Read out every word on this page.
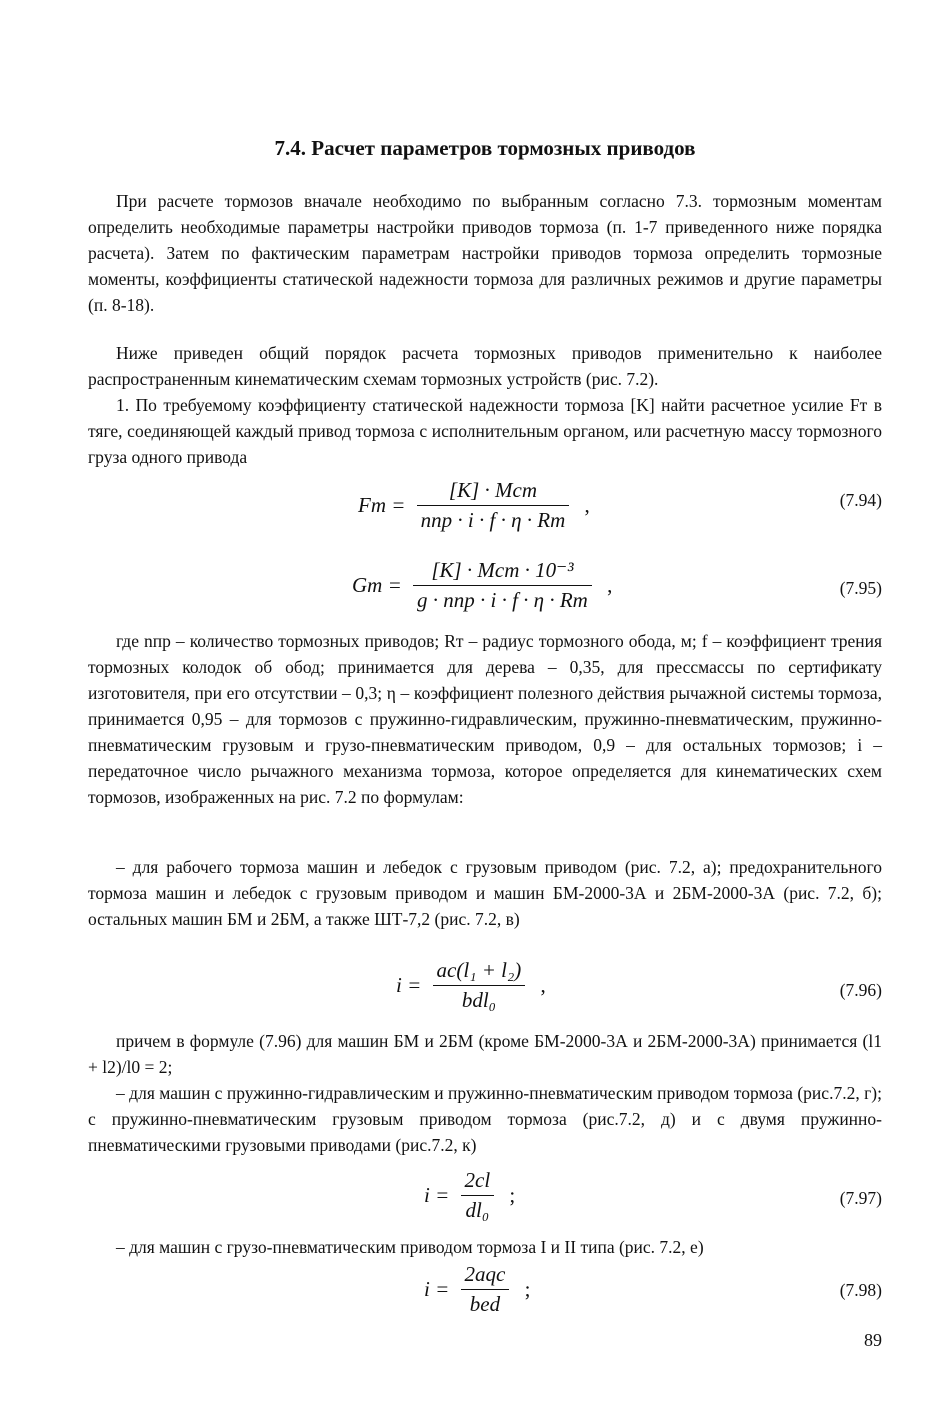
7.4. Расчет параметров тормозных приводов
При расчете тормозов вначале необходимо по выбранным согласно 7.3. тормозным моментам определить необходимые параметры настройки приводов тормоза (п. 1-7 приведенного ниже порядка расчета). Затем по фактическим параметрам настройки приводов тормоза определить тормозные моменты, коэффициенты статической надежности тормоза для различных режимов и другие параметры (п. 8-18).
Ниже приведен общий порядок расчета тормозных приводов применительно к наиболее распространенным кинематическим схемам тормозных устройств (рис. 7.2).
1. По требуемому коэффициенту статической надежности тормоза [K] найти расчетное усилие Fт в тяге, соединяющей каждый привод тормоза с исполнительным органом, или расчетную массу тормозного груза одного привода
Fт = $\frac{\text{[K] · Mст}}{\text{nпр · i · f · η · Rт}}$ ,	(7.94)
Gт = $\frac{\text{[K] · Mст · 10⁻³}}{\text{g · nпр · i · f · η · Rт}}$ ,	(7.95)
где nпр – количество тормозных приводов; Rт – радиус тормозного обода, м; f – коэффициент трения тормозных колодок об обод; принимается для дерева – 0,35, для прессмассы по сертификату изготовителя, при его отсутствии – 0,3; η – коэффициент полезного действия рычажной системы тормоза, принимается 0,95 – для тормозов с пружинно-гидравлическим, пружинно-пневматическим, пружинно-пневматическим грузовым и грузо-пневматическим приводом, 0,9 – для остальных тормозов; i – передаточное число рычажного механизма тормоза, которое определяется для кинематических схем тормозов, изображенных на рис. 7.2 по формулам:
– для рабочего тормоза машин и лебедок с грузовым приводом (рис. 7.2, а); предохранительного тормоза машин и лебедок с грузовым приводом и машин БМ-2000-3А и 2БМ-2000-3А (рис. 7.2, б); остальных машин БМ и 2БМ, а также ШТ-7,2 (рис. 7.2, в)
$i = \frac{\text{ac(l₁ + l₂)}}{\text{bdl₀}}$ ,	(7.96)
причем в формуле (7.96) для машин БМ и 2БМ (кроме БМ-2000-3А и 2БМ-2000-3А) принимается (l1 + l2)/l0 = 2;
– для машин с пружинно-гидравлическим и пружинно-пневматическим приводом тормоза (рис.7.2, г); с пружинно-пневматическим грузовым приводом тормоза (рис.7.2, д) и с двумя пружинно-пневматическими грузовыми приводами (рис.7.2, к)
$i = \frac{2cl}{\text{dl₀}}$ ;	(7.97)
– для машин с грузо-пневматическим приводом тормоза I и II типа (рис. 7.2, е)
$i = \frac{\text{2aqc}}{\text{bed}}$ ;	(7.98)
89
